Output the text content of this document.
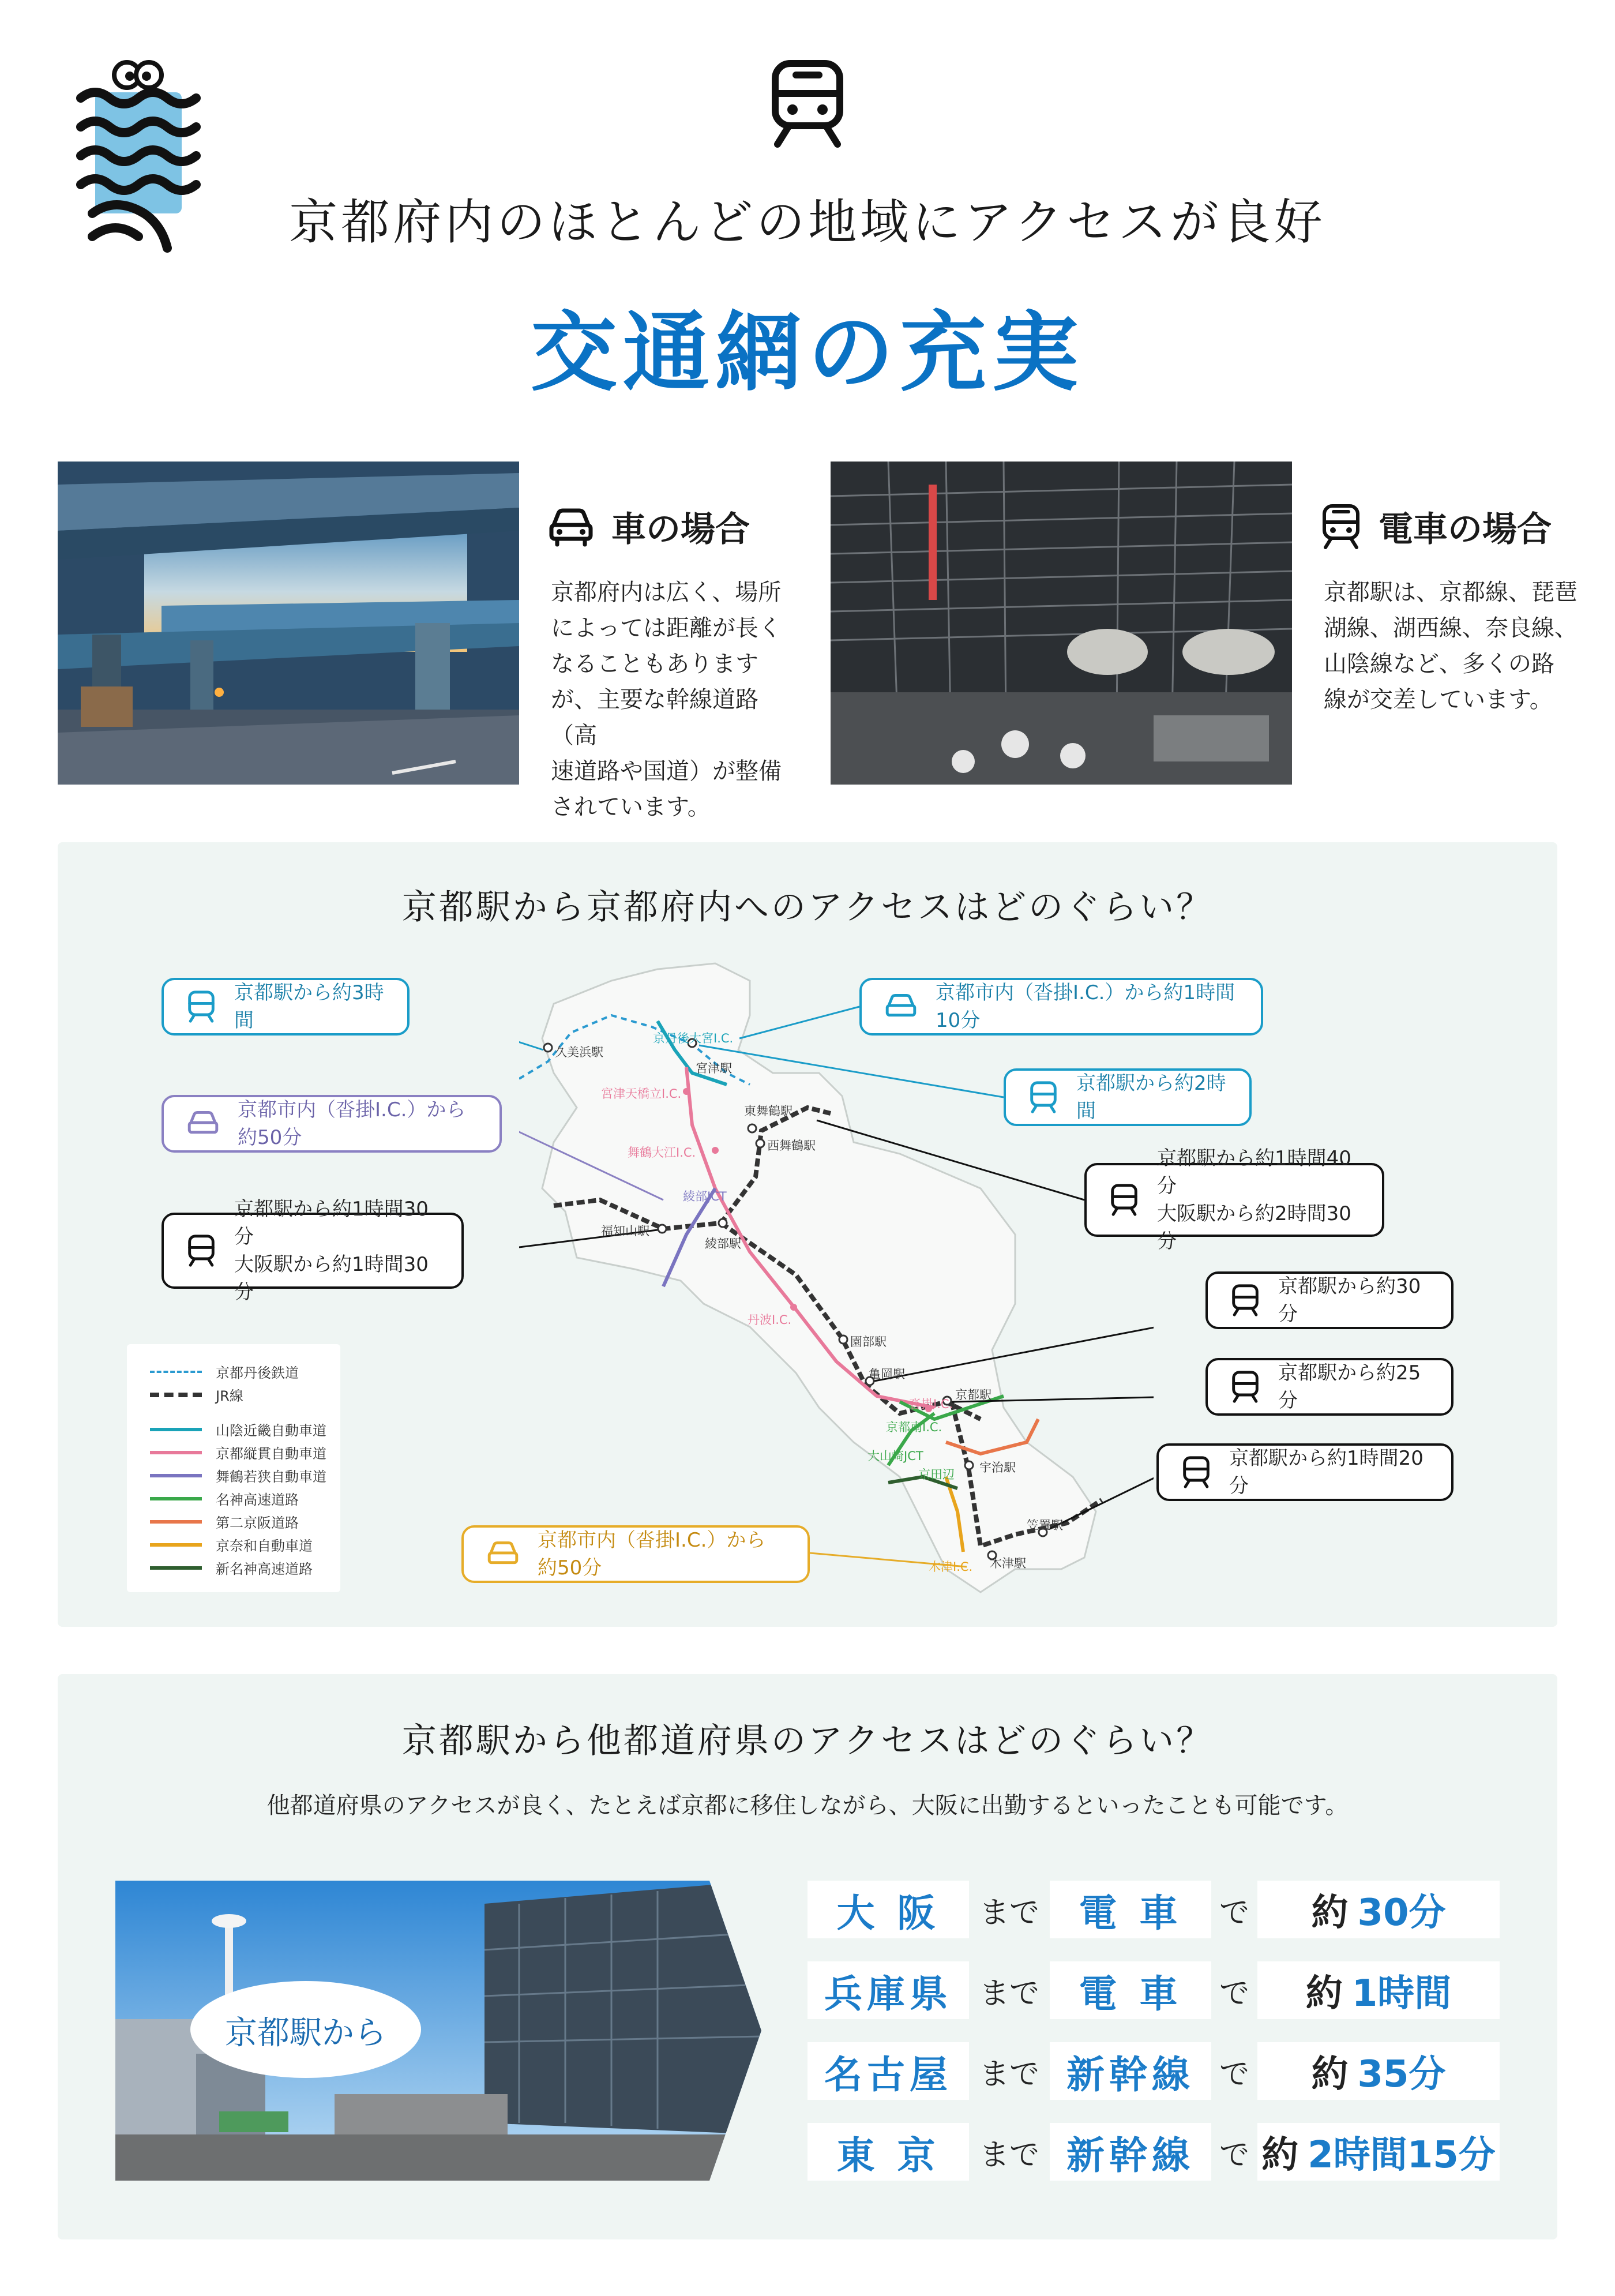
京都府内のほとんどの地域にアクセスが良好
交通網の充実
車の場合
京都府内は広く、場所
によっては距離が長く
なることもあります
が、主要な幹線道路（高
速道路や国道）が整備
されています。
電車の場合
京都駅は、京都線、琵琶
湖線、湖西線、奈良線、
山陰線など、多くの路
線が交差しています。
京都駅から京都府内へのアクセスはどのぐらい？
久美浜駅
京丹後大宮I.C.
宮津駅
宮津天橋立I.C.
東舞鶴駅
西舞鶴駅
舞鶴大江I.C.
綾部JCT
福知山駅
綾部駅
丹波I.C.
園部駅
亀岡駅
沓掛I.C.
京都駅
京都南I.C.
大山崎JCT
宇治駅
京田辺
笠置駅
木津I.C. 木津駅
京都丹後鉄道
JR線
山陰近畿自動車道
京都縦貫自動車道
舞鶴若狭自動車道
名神高速道路
第二京阪道路
京奈和自動車道
新名神高速道路
京都駅から約3時間
京都市内（沓掛I.C.）から約1時間10分
京都駅から約2時間
京都市内（沓掛I.C.）から約50分
京都駅から約1時間40分
大阪駅から約2時間30分
京都駅から約1時間30分
大阪駅から約1時間30分	京都駅から約30分
京都駅から約25分
京都駅から約1時間20分
京都市内（沓掛I.C.）から約50分
京都駅から他都道府県のアクセスはどのぐらい？
他都道府県のアクセスが良く、たとえば京都に移住しながら、大阪に出勤するといったことも可能です。
京都駅から
大 阪	まで	電 車	で 約 30分
兵庫県 まで	電 車	で 約 1時間
名古屋 まで 新幹線 で 約 35分
東 京	まで 新幹線 で 約 2時間15分
